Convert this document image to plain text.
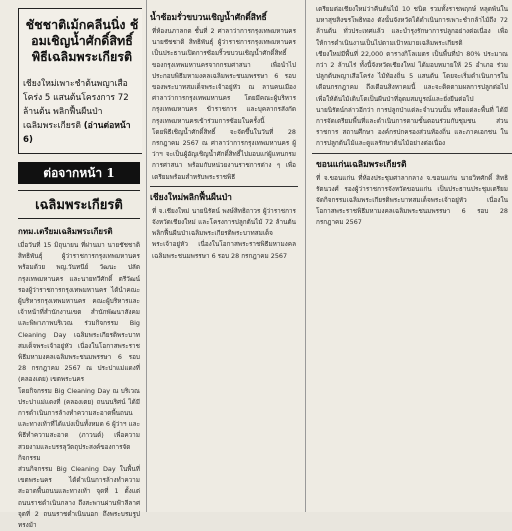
ชัชชาติเม้กคลีนนิ่ง ช้อมเชิญน้ำศักดิ์สิทธิ์ พิธีเฉลิมพระเกียรติ

เชียงใหม่เพาะชำต้นพญาเสือโคร่ง 5 แสนต้นโครงการ 72 ล้านต้น พลิกฟื้นผืนป่าเฉลิมพระเกียรติ (อ่านต่อหน้า 6)
ต่อจากหน้า 1
เฉลิมพระเกียรติ
กทม.เตรียมเฉลิมพระเกียรติ
เมื่อวันที่ 15 มิถุนายน ที่ผ่านมา นายชัชชาติ สิทธิพันธุ์ ผู้ว่าราชการกรุงเทพมหานคร พร้อมด้วย พญ.วันทนีย์ วัฒนะ ปลัดกรุงเทพมหานคร และนายทวีศักดิ์ ตรีวัฒน์ รองผู้ว่าราชการกรุงเทพมหานคร ได้นำคณะผู้บริหารกรุงเทพมหานคร คณะผู้บริหารและเจ้าหน้าที่สำนักงานเขต สำนักพัฒนาสังคม และพิพาภาพบริเวณ ร่วมกิจกรรม Big Cleaning Day เฉลิมพระเกียรติพระบาทสมเด็จพระเจ้าอยู่หัว เนื่องในโอกาสพระราชพิธีมหามงคลเฉลิมพระชนมพรรษา 6 รอบ 28 กรกฎาคม 2567 ณ ประปาแม่แดงที่ (คลองเตย) เขตพระนคร
โดยกิจกรรม Big Cleaning Day ณ บริเวณประปาแม่แดงที่ (คลองเตย) ถนนนริศน์ ได้มีการดำเนินการล้างทำความสะอาดพื้นถนนและทางเท้าที่ได้แบ่งเป็นทั้งหมด 6 ผู้ว่าฯ และพิธีทำความสะอาด (ภาวนด์) เพื่อความสวยงามและบรรลุวัตถุประสงค์ของการจัดกิจกรรม
ส่วนกิจกรรม Big Cleaning Day ในพื้นที่เขตพระนคร ได้ดำเนินการล้างทำความสะอาดพื้นถนนและทางเท้า จุดที่ 1 ตั้งแต่ถนนราชดำเนินกลาง ถึงสะพานผ่านฟ้าลีลาศ จุดที่ 2 ถนนราชดำเนินนอก ถึงพระบรมรูปทรงม้า
น้ำซ้อมรั่วขบวนเชิญน้ำศักดิ์สิทธิ์
ที่ห้องนภาลกต ชั้นที่ 2 ศาลาว่าการกรุงเทพมหานคร นายชัชชาติ สิทธิพันธุ์ ผู้ว่าราชการกรุงเทพมหานคร เป็นประธานเปิดการซ้อมริ้วขบวนเชิญน้ำศักดิ์สิทธิ์ของกรุงเทพมหานครจากกรมศาสนา เพื่อนำไปประกอบพิธีมหามงคลเฉลิมพระชนมพรรษา 6 รอบ ของพระบาทสมเด็จพระเจ้าอยู่หัว ณ ลานคนเมือง ศาลาว่าการกรุงเทพมหานคร โดยมีคณะผู้บริหารกรุงเทพมหานคร ข้าราชการ และบุคลากรสังกัดกรุงเทพมหานครเข้าร่วมการซ้อมในครั้งนี้
โดยพิธีเชิญน้ำศักดิ์สิทธิ์ จะจัดขึ้นในวันที่ 28 กรกฎาคม 2567 ณ ศาลาว่าการกรุงเทพมหานคร ผู้ว่าฯ จะเป็นผู้อัญเชิญน้ำศักดิ์สิทธิ์ไปมอบแก่ผู้แทนกรมการศาสนา พร้อมกับหน่วยงานราชการต่าง ๆ เพื่อเตรียมพร้อมสำหรับพระราชพิธี
เชียงใหม่พลิกฟื้นผืนป่า
ที่ จ.เชียงใหม่ นายนิรัตน์ พงษ์สิทธิถาวร ผู้ว่าราชการจังหวัดเชียงใหม่ และโครงการปลูกต้นไม้ 72 ล้านต้น พลิกฟื้นผืนป่าเฉลิมพระเกียรติพระบาทสมเด็จพระเจ้าอยู่หัว เนื่องในโอกาสพระราชพิธีมหามงคลเฉลิมพระชนมพรรษา 6 รอบ 28 กรกฎาคม 2567
เตรียมต่อเชียงใหม่ว่าคืนต้นไม้ 10 ชนิด รวมทั้งราชพฤกษ์ หลุดพ้นในมหาสุขสิงขรโพธิทอง ดังนั้นจังหวัดได้ดำเนินการเพาะชำกล้าไม้ถึง 72 ล้านต้น ทั่วประเทศแล้ว และบำรุงรักษาการปลูกอย่างต่อเนื่อง เพื่อให้การดำเนินงานเป็นไปตามเป้าหมายเฉลิมพระเกียรติ
เชียงใหม่มีพื้นที่ 22,000 ตารางกิโลเมตร เป็นพื้นที่ป่า 80% ประมาณกว่า 2 ล้านไร่ ทั้งนี้จังหวัดเชียงใหม่ ได้มอบหมายให้ 25 อำเภอ ร่วมปลูกต้นพญาเสือโคร่ง ไม้ท้องถิ่น 5 แสนต้น โดยจะเริ่มดำเนินการในเดือนกรกฎาคม ถึงเดือนสิงหาคมนี้ และจะติดตามผลการปลูกต่อไป เพื่อให้ต้นไม้เติบโตเป็นผืนป่าที่อุดมสมบูรณ์และยั่งยืนต่อไป
นายนิรัตน์กล่าวอีกว่า การปลูกป่าแต่ละจำนวนนั้น หรือแต่ละพื้นที่ ได้มีการจัดเตรียมพื้นที่และดำเนินการตามขั้นตอนร่วมกับชุมชน ส่วนราชการ สถานศึกษา องค์กรปกครองส่วนท้องถิ่น และภาคเอกชน ในการปลูกต้นไม้และดูแลรักษาต้นไม้อย่างต่อเนื่อง
ขอนแก่นเฉลิมพระเกียรติ
ที่ จ.ขอนแก่น ที่ห้องประชุมศาลากลาง จ.ขอนแก่น นายวิทศักดิ์ สิทธิรัตนวงศ์ รองผู้ว่าราชการจังหวัดขอนแก่น เป็นประธานประชุมเตรียมจัดกิจกรรมเฉลิมพระเกียรติพระบาทสมเด็จพระเจ้าอยู่หัว เนื่องในโอกาสพระราชพิธีมหามงคลเฉลิมพระชนมพรรษา 6 รอบ 28 กรกฎาคม 2567
